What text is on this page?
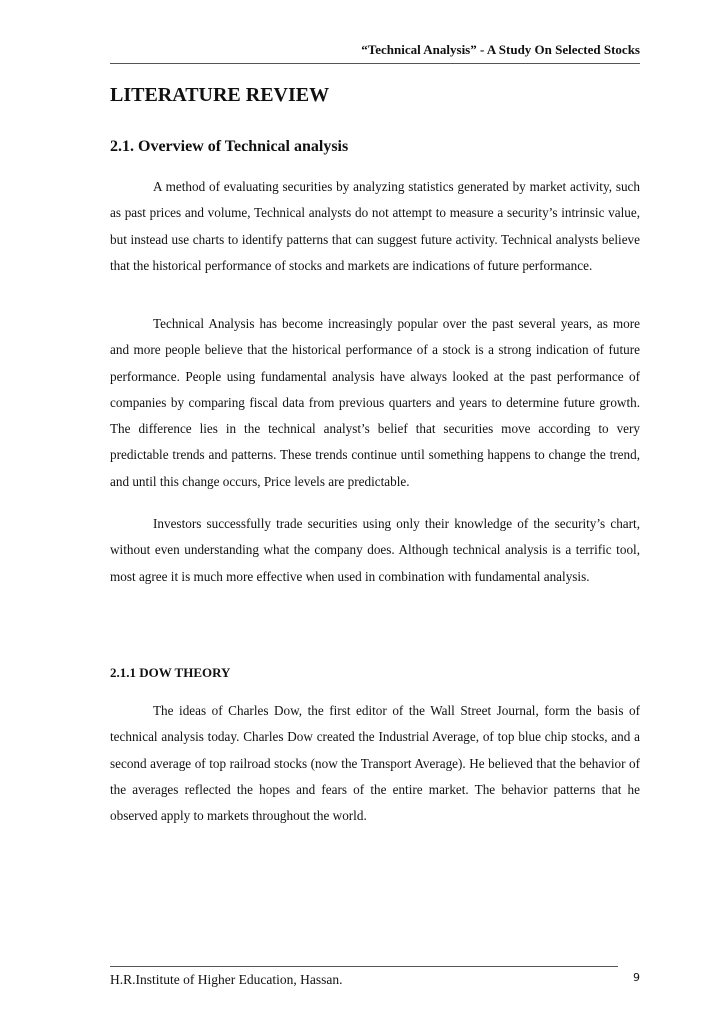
“Technical Analysis” - A Study On Selected Stocks
LITERATURE REVIEW
2.1. Overview of Technical analysis

A method of evaluating securities by analyzing statistics generated by market activity, such as past prices and volume, Technical analysts do not attempt to measure a security’s intrinsic value, but instead use charts to identify patterns that can suggest future activity. Technical analysts believe that the historical performance of stocks and markets are indications of future performance.

Technical Analysis has become increasingly popular over the past several years, as more and more people believe that the historical performance of a stock is a strong indication of future performance. People using fundamental analysis have always looked at the past performance of companies by comparing fiscal data from previous quarters and years to determine future growth. The difference lies in the technical analyst’s belief that securities move according to very predictable trends and patterns. These trends continue until something happens to change the trend, and until this change occurs, Price levels are predictable.

Investors successfully trade securities using only their knowledge of the security’s chart, without even understanding what the company does. Although technical analysis is a terrific tool, most agree it is much more effective when used in combination with fundamental analysis.

2.1.1 DOW THEORY

The ideas of Charles Dow, the first editor of the Wall Street Journal, form the basis of technical analysis today. Charles Dow created the Industrial Average, of top blue chip stocks, and a second average of top railroad stocks (now the Transport Average). He believed that the behavior of the averages reflected the hopes and fears of the entire market. The behavior patterns that he observed apply to markets throughout the world.

H.R.Institute of Higher Education, Hassan.	9
